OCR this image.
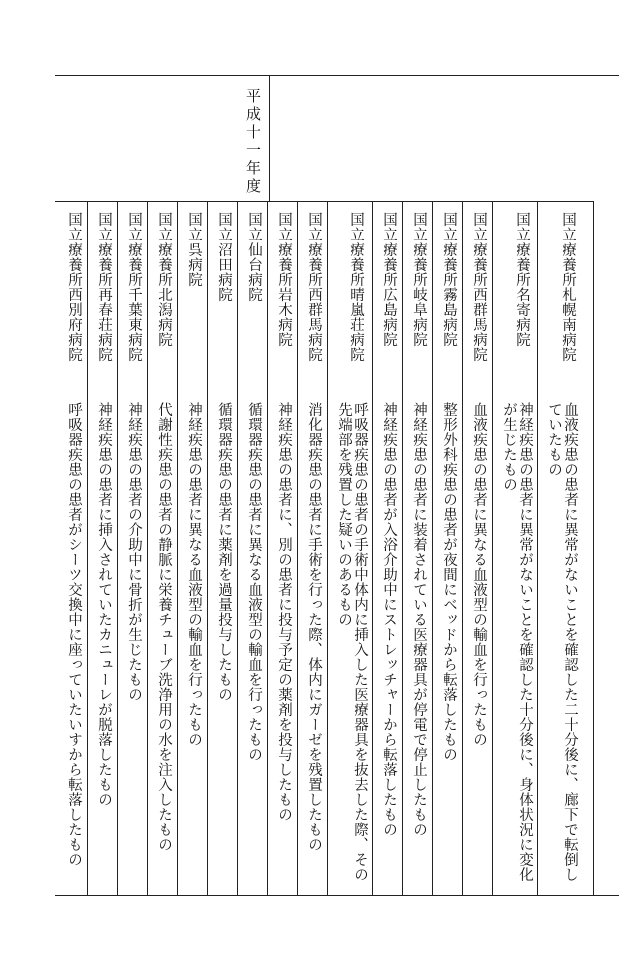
平成十一年度
国立療養所札幌南病院
血液疾患の患者に異常がないことを確認した二十分後に、廊下で転倒していたもの
国立療養所名寄病院
神経疾患の患者に異常がないことを確認した十分後に、身体状況に変化が生じたもの
国立療養所西群馬病院
血液疾患の患者に異なる血液型の輸血を行ったもの
国立療養所霧島病院
整形外科疾患の患者が夜間にベッドから転落したもの
国立療養所岐阜病院
神経疾患の患者に装着されている医療器具が停電で停止したもの
国立療養所広島病院
神経疾患の患者が入浴介助中にストレッチャーから転落したもの
国立療養所晴嵐荘病院
呼吸器疾患の患者の手術中体内に挿入した医療器具を抜去した際、その先端部を残置した疑いのあるもの
国立療養所西群馬病院
消化器疾患の患者に手術を行った際、体内にガーゼを残置したもの
国立療養所岩木病院
神経疾患の患者に、別の患者に投与予定の薬剤を投与したもの
国立仙台病院
循環器疾患の患者に異なる血液型の輸血を行ったもの
国立沼田病院
循環器疾患の患者に薬剤を過量投与したもの
国立呉病院
神経疾患の患者に異なる血液型の輸血を行ったもの
国立療養所北潟病院
代謝性疾患の患者の静脈に栄養チューブ洗浄用の水を注入したもの
国立療養所千葉東病院
神経疾患の患者の介助中に骨折が生じたもの
国立療養所再春荘病院
神経疾患の患者に挿入されていたカニューレが脱落したもの
国立療養所西別府病院
呼吸器疾患の患者がシーツ交換中に座っていたいすから転落したもの
